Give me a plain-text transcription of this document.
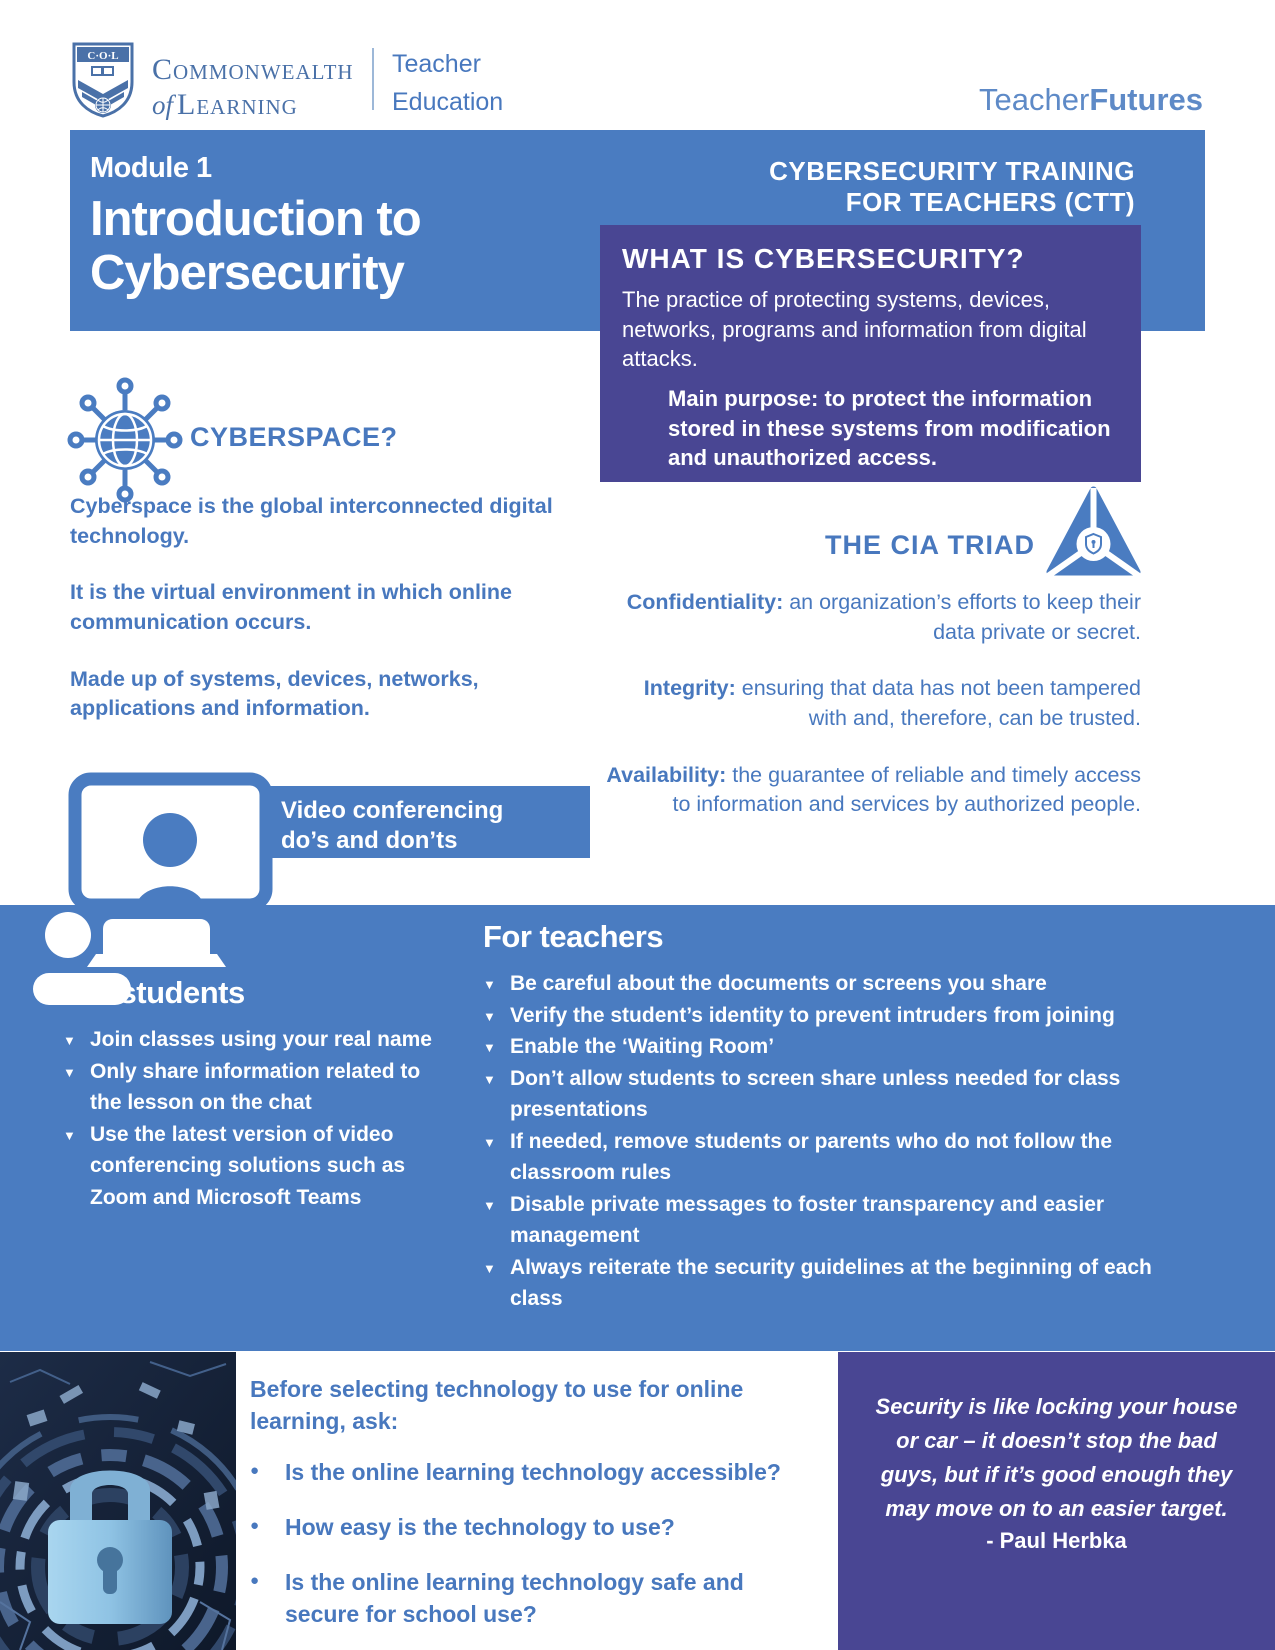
C·O·L Commonwealth
of Learning
Teacher
Education	TeacherFutures
Module 1
Introduction to
Cybersecurity
CYBERSECURITY TRAINING
FOR TEACHERS (CTT)
WHAT IS CYBERSECURITY?
The practice of protecting systems, devices, networks, programs and information from digital attacks.
Main purpose: to protect the information stored in these systems from modification and unauthorized access.
CYBERSPACE?

Cyberspace is the global interconnected digital technology.

It is the virtual environment in which online communication occurs.

Made up of systems, devices, networks, applications and information.

THE CIA TRIAD
Confidentiality: an organization’s efforts to keep their data private or secret.
Integrity: ensuring that data has not been tampered with and, therefore, can be trusted.
Availability: the guarantee of reliable and timely access to information and services by authorized people.
Video conferencing
do’s and don’ts
For students
▼ Join classes using your real name
▼ Only share information related to the lesson on the chat
▼ Use the latest version of video conferencing solutions such as Zoom and Microsoft Teams
For teachers
▼ Be careful about the documents or screens you share
▼ Verify the student’s identity to prevent intruders from joining
▼ Enable the ‘Waiting Room’
▼ Don’t allow students to screen share unless needed for class presentations
▼ If needed, remove students or parents who do not follow the classroom rules
▼ Disable private messages to foster transparency and easier management
▼ Always reiterate the security guidelines at the beginning of each class
Before selecting technology to use for online learning, ask:
●	Is the online learning technology accessible?
●	How easy is the technology to use?
●	Is the online learning technology safe and secure for school use?
Security is like locking your house or car – it doesn’t stop the bad guys, but if it’s good enough they may move on to an easier target.
- Paul Herbka
